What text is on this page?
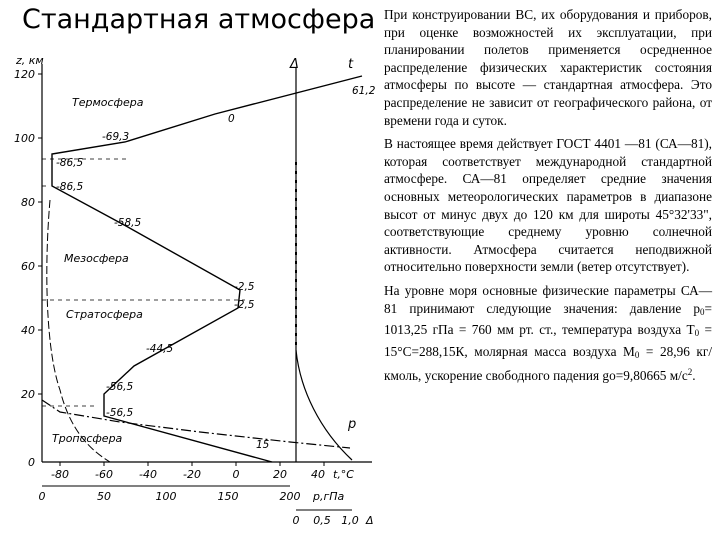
Стандартная атмосфера
z, км
120
100
80
60
40
20
0
-80 -60 -40 -20	0	20 40 t,°C
0	50	100	150	200 p,гПа
0 0,5 1,0 Δ
t
Δ
p
Термосфера
Мезосфера
Стратосфера
Тропосфера
61,2
0
-69,3
-86,5
-86,5
-58,5
-2,5
-2,5
-44,5
-56,5
-56,5
15

При конструировании ВС, их оборудования и приборов, при оценке возможностей их эксплуатации, при планировании полетов применяется осредненное распределение физических характеристик состояния атмосферы по высоте — стандартная атмосфера. Это распределение не зависит от географического района, от времени года и суток.

В настоящее время действует ГОСТ 4401 —81 (СА—81), которая соответствует международной стандартной атмосфере. СА—81 определяет средние значения основных метеорологических параметров в диапазоне высот от минус двух до 120 км для широты 45°32'33", соответствующие среднему уровню солнечной активности. Атмосфера считается неподвижной относительно поверхности земли (ветер отсутствует).

На уровне моря основные физические параметры СА—81 принимают следующие значения: давление $р_0= 1013,25$ гПа = 760 мм рт. ст., температура воздуха $Т_0 = 15^\circ С=288,15К$, молярная масса воздуха $М_0 = 28,96$ кг/кмоль, ускорение свободного падения gо=9,80665 $м/с^2$.
